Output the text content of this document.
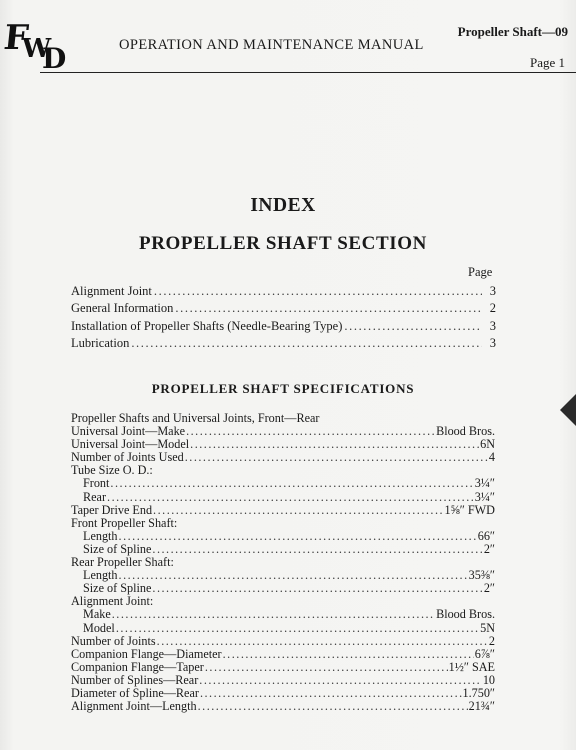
F
W
D	OPERATION AND MAINTENANCE MANUAL
Propeller Shaft—09
Page 1
INDEX
PROPELLER SHAFT SECTION
Page
Alignment Joint .....	3
General Information .....	2
Installation of Propeller Shafts (Needle-Bearing Type) .....	3
Lubrication .....	3
PROPELLER SHAFT SPECIFICATIONS
Propeller Shafts and Universal Joints, Front—Rear
Universal Joint—Make .....	Blood Bros.
Universal Joint—Model .....	6N
Number of Joints Used .....	4
Tube Size O. D.:
Front .....	3¼″
Rear .....	3¼″
Taper Drive End .....	1⅝″ FWD
Front Propeller Shaft:
Length .....	66″
Size of Spline .....	2″
Rear Propeller Shaft:
Length .....	35⅜″
Size of Spline .....	2″
Alignment Joint:
Make .....	Blood Bros.
Model .....	5N
Number of Joints .....	2
Companion Flange—Diameter .....	6⅞″
Companion Flange—Taper .....	1½″ SAE
Number of Splines—Rear .....	10
Diameter of Spline—Rear .....	1.750″
Alignment Joint—Length .....	21¾″
